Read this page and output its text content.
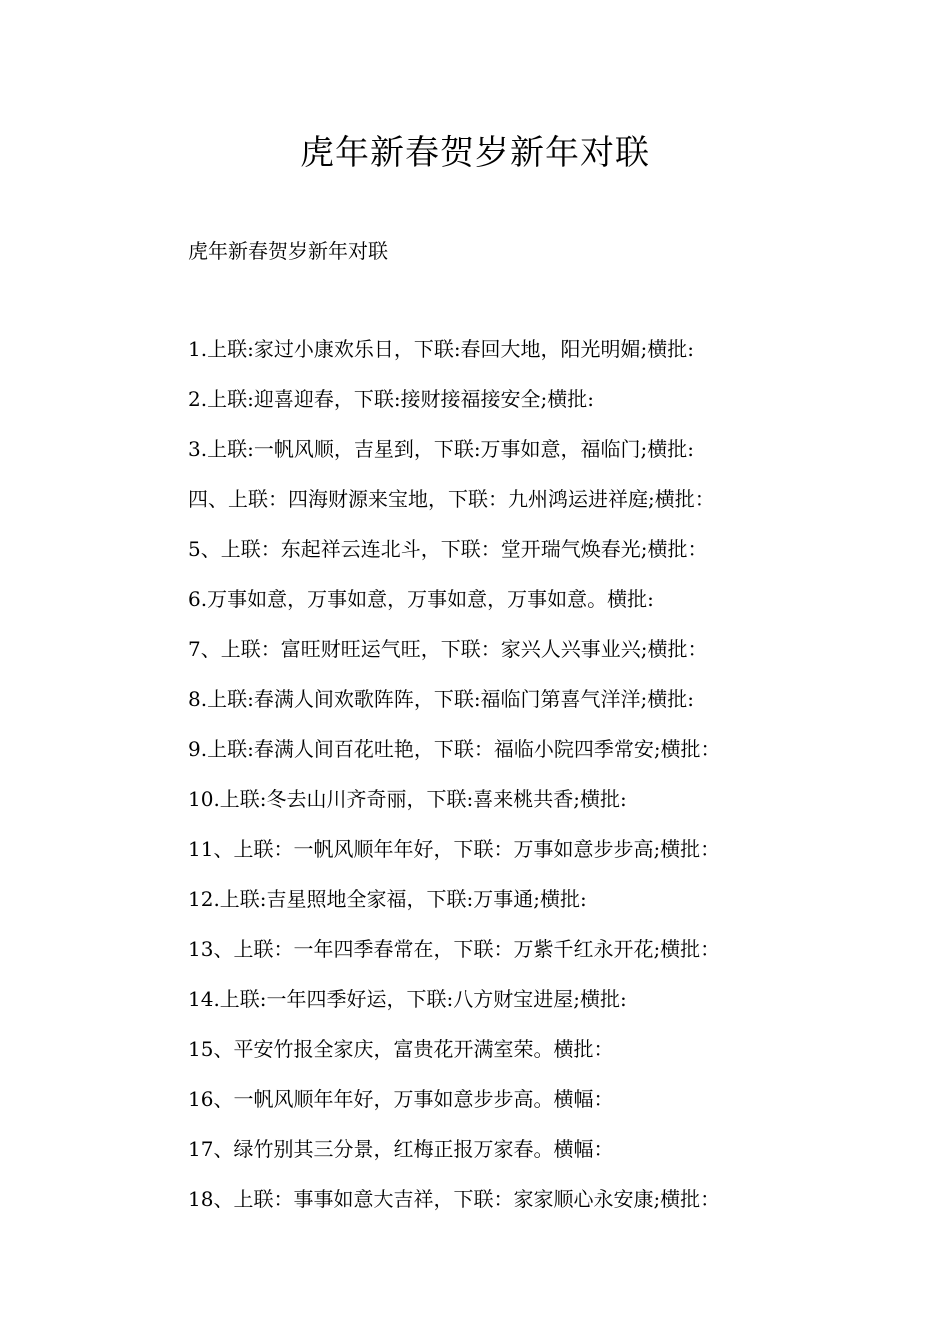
虎年新春贺岁新年对联
虎年新春贺岁新年对联
1.上联:家过小康欢乐日，下联:春回大地，阳光明媚;横批:
2.上联:迎喜迎春，下联:接财接福接安全;横批:
3.上联:一帆风顺，吉星到，下联:万事如意，福临门;横批:
四、上联：四海财源来宝地，下联：九州鸿运进祥庭;横批：
5、上联：东起祥云连北斗，下联：堂开瑞气焕春光;横批：
6.万事如意，万事如意，万事如意，万事如意。横批:
7、上联：富旺财旺运气旺，下联：家兴人兴事业兴;横批：
8.上联:春满人间欢歌阵阵，下联:福临门第喜气洋洋;横批:
9.上联:春满人间百花吐艳，下联：福临小院四季常安;横批：
10.上联:冬去山川齐奇丽，下联:喜来桃共香;横批:
11、上联：一帆风顺年年好，下联：万事如意步步高;横批：
12.上联:吉星照地全家福，下联:万事通;横批:
13、上联：一年四季春常在，下联：万紫千红永开花;横批：
14.上联:一年四季好运，下联:八方财宝进屋;横批:
15、平安竹报全家庆，富贵花开满室荣。横批：
16、一帆风顺年年好，万事如意步步高。横幅：
17、绿竹别其三分景，红梅正报万家春。横幅：
18、上联：事事如意大吉祥，下联：家家顺心永安康;横批：
